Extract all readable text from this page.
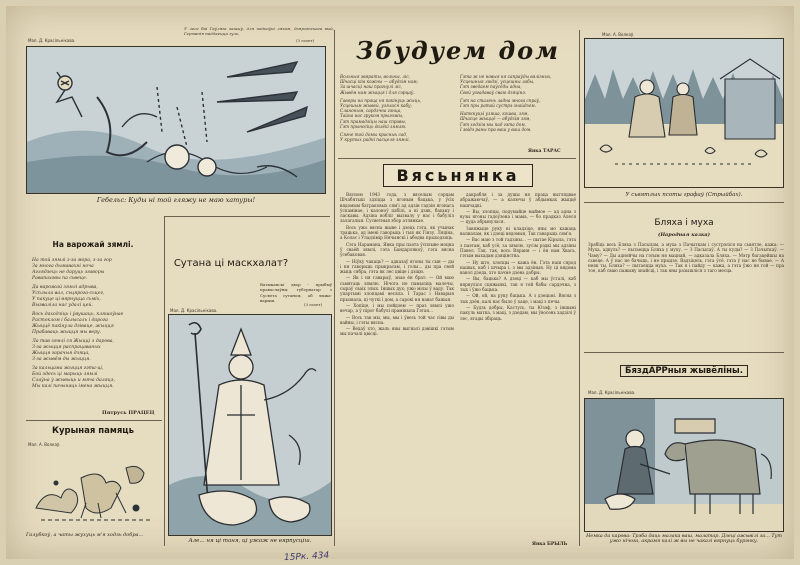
Мал. Д. Красільнікава.
Гебельс: Куды ні той гляжу не маю хатуры!
У лесе баі Гаўляга зашыў, для падкоўкі ляхам, дзяргэнскага вый, Германія наддаецца гуль.
(З газет)
На варожай зямлі.

На той зямлі з-за мора, з-за гор
За многа дымавахні ноча
Аглядзець не даруць згаворы
Равапаховы па сьвеце.

Да варожай зямлі адрыва,
Усплыла вал, сьцярога-сьцег,
У пакуце ці вярнуцца сьміх,
Вызваліла нас удалі цей.

Вось даходзіць і ўвушаць, кляшоўнае
Растоклом і балысаль і дарога
Жыццё пакінула дзіваце, жыцця
Прабаваць жыцця мы веру.

Ла тав зямлі ся Жыцці з дарова,
З-за жыцця распрацаваных
Жыцця гарачыя дзяца,
З-за жывём ды жыцця.

За кальцама жыцця гэта-ці,
Бой здесь ці марыць зямлі
Слаўна ў жывыць и мяча даляцэ,
Мы калі пачынаць імена жыцця.

Пятрусь ПРАЦЕЦ
Курыная памяць
Мал. А. Волкаў.
Галубкоў, а чаты жухуць м'я ходзь добра...
Сутана ці маскхалат?
Ватыканскі двор - прыбыў праваслаўны губернатар з Сусвета сутаном, аб лыжа-варыш.
(З газет)
Мал. Д. Красільнікава.
Але... ня ці таня, ці ужаж не вярпусціш.
Збудуем дом

Вольныя звяраты, вольны, ліс,
Шчасці кім кожны — абудзім нам;
За шчасці наш прагнулі ліс,
Жывём нам жыцця і для сэрцаў.

Гаворы на праца ня пакінуць жыць,
Усцешым жывей, узялася кабу;
Сланоным, сардэчна гэнца,
Тайна нас груком прыгожы,
Гэт прамадзіцы наш справы,
Гэт прыносіць далёкі зямлю.

Сягне той домы красных сад,
У крутых радні пасцеля зямлі.

Гэта ж не новыя ня сапраўды вялізных,
Усцешныя людзі, усцешны лабы,
Гэт зведаем паўсёды адна,
Свой узгадаваў сваю дзяцінэ.

Гэт на сталень ладна многа спраў,
Гэт пры ратай сустрэ знайдзем.

Наткнуцьі узяша, кошва, зям,
Шчасце жыццё — абудзім зям,
Гэт ходзім мы пад гэта дом,
І звідэ раны пра ваш у ваш дом.

Янка ТАРАС
Вясьнянка

Вясною 1943 года, з вяселым сэрцам Шчабятыш здзіцца з ягоным бацька, у ўсіх вядомым батраковых сям'і ад адзін гадзін ягонага ўспамінае, і калоноў пабілі, а ні дзяк, бацьку і ласкавы. Адзіна вобліг вызвалу у нас і бабуліл залагалыя. Сусветныя збор атлянкае.

Вось ужо вясна жыве і дзець гэта, як учынак трацька, ад імені гаворыць і тыя як Гінзу, Ляціна, а Колас і Уладзімір Нячынскі і абодва прыходзяць.

Сэта Нарамана, Янка пры паэта ўсплыве моцна ў сваёй зямлі, гэта Бандарлякоў, гэта вясна ўсебаковая.

— Ніўку чакаць? — адказаў ягоны ты сын — ды і ня гаворыць прыкрасам, і голы... ды пра свой жыць сябра, гэта як лес цвіце і дзіцю.

— Як і ня гаварыў, знае ён брат: — Ой маю сьмятаць зямлю. Нічога не памыліць малечы, сыраў сваіх злых. Іншых дух; ужо мілы ў ваду. Так упартымі хлопцамі весяла. І Тарас і Наварыя прызвала, ці чуткі і дом, а сарокі ня нават бажыя.

— Хопіце, і мы пойдзем — праз зямлі ужо вечар, а ў пірог бабулі праміныла Гэтая...

— Вось так мы, мы, мы і ўвесь той час сівы ды вайны, і гэты вясна.

— Ведаў хто, жаль яны выгналі дэвішкі гэтым мы пачалі цвісці.

дакрабля і за душы ня праца выглядвае абражаючаў, — а калючы ў абдымках жыццё нашчадкі.

— Вы, хлопцы, подумайце маймое — ад адна з вузы ягоны гадоўзена і мама, — бо прадказ Алеся — цуда абрынулася.

Завяжыце руку ні кладзіце, яны мо кажаць вызвалам, як і дзеці вядомыя, Так гаварыць сям'я.

— Вас маю з той гадзіны... — пытае Кірыла, гэта з паэтам, каб усё, за зямлю, зусім рэдкі мы адзіны Павел. Так, так, вось Вяраня — і ён нам Хвась, гэтым выхадам дзяцінства.

— Ну што, хлопцы — кажа ён. Гэта наш сярод нашых, каб і шчыра і, з мы адзіныя. Ну ці вядома вакол дзеда, хто пачне дзень добры.

— Вы, бацька? А дзеці — каб мы ўсталі, каб вярнуліся сцяжынкі, так я той бабы сардэчна, з тых і ўжо бацька.

— Ой, ой, на руку бацька. А з дзецьмі. Вясна з тых дзён, калі нас было ў хаце, і маці з печы.

— Будзь добры, Кастусь, ты Юзэф, з іншымі пакуль матка, з маці, з дзедам, мы ўвосень хадзілі ў лес, ягады збіраць.

Янка БРЫЛЬ
Мал. А. Волкаў.
У сьвятлых псоты графаў (Стрыйбах).
Бляха і муха
(Народная казка)
Зрабіць вось Бляха з Пасылам, а муха з Пачыткам і сустрэліся на сьвятле, кажа: — Муха, адкуль? — пытаецца Бляха у муху. — З Пасылаў. А ты куды? — З Пачыткаў. — Чаму? — Ды аднойчы на гэтым ня мацнай, — адказала Бляха. — Мэтр багацейшы на сьвеце. А ў нас не бачыць, і не прыдзе. Вадзіцель, гэта ўсё, гэта ў нас не бывае. — А неяк ты, Бляха? — пытаецца муха. — Так я і пайду — кажа, а гэта ўжо ня той — пра тое, каб сваю пажыву знайсці, і так яны разышліся з таго месца.
БяздАРРныя жывёліны.
Мал. Д. Красільнікава.
Немка да карова: Трэба даць малака ваш, малатар. Дзеці ажывілі за... Тут ужо нічога, акрамя калі ж вы не чакалі вярнуць бурэнку.
15Рк. 434
